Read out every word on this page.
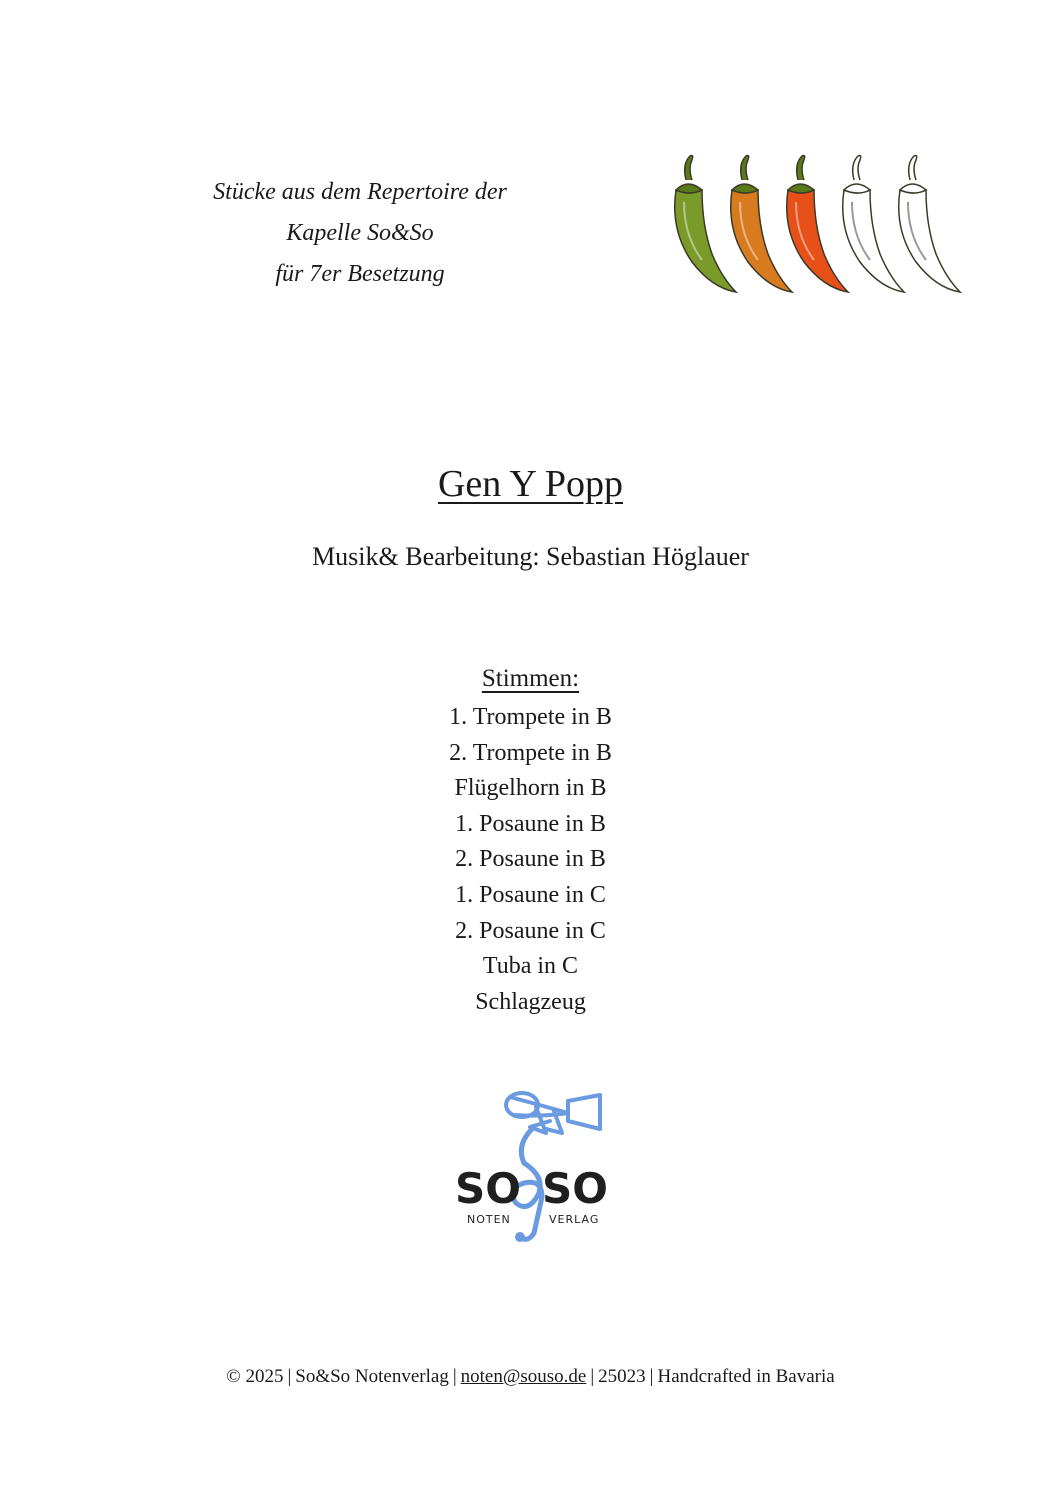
Stücke aus dem Repertoire der
Kapelle So&So
für 7er Besetzung
Gen Y Popp
Musik& Bearbeitung: Sebastian Höglauer
Stimmen:
1. Trompete in B
2. Trompete in B
Flügelhorn in B
1. Posaune in B
2. Posaune in B
1. Posaune in C
2. Posaune in C
Tuba in C
Schlagzeug
SO SO
NOTEN	VERLAG
© 2025 | So&So Notenverlag | noten@souso.de | 25023 | Handcrafted in Bavaria
